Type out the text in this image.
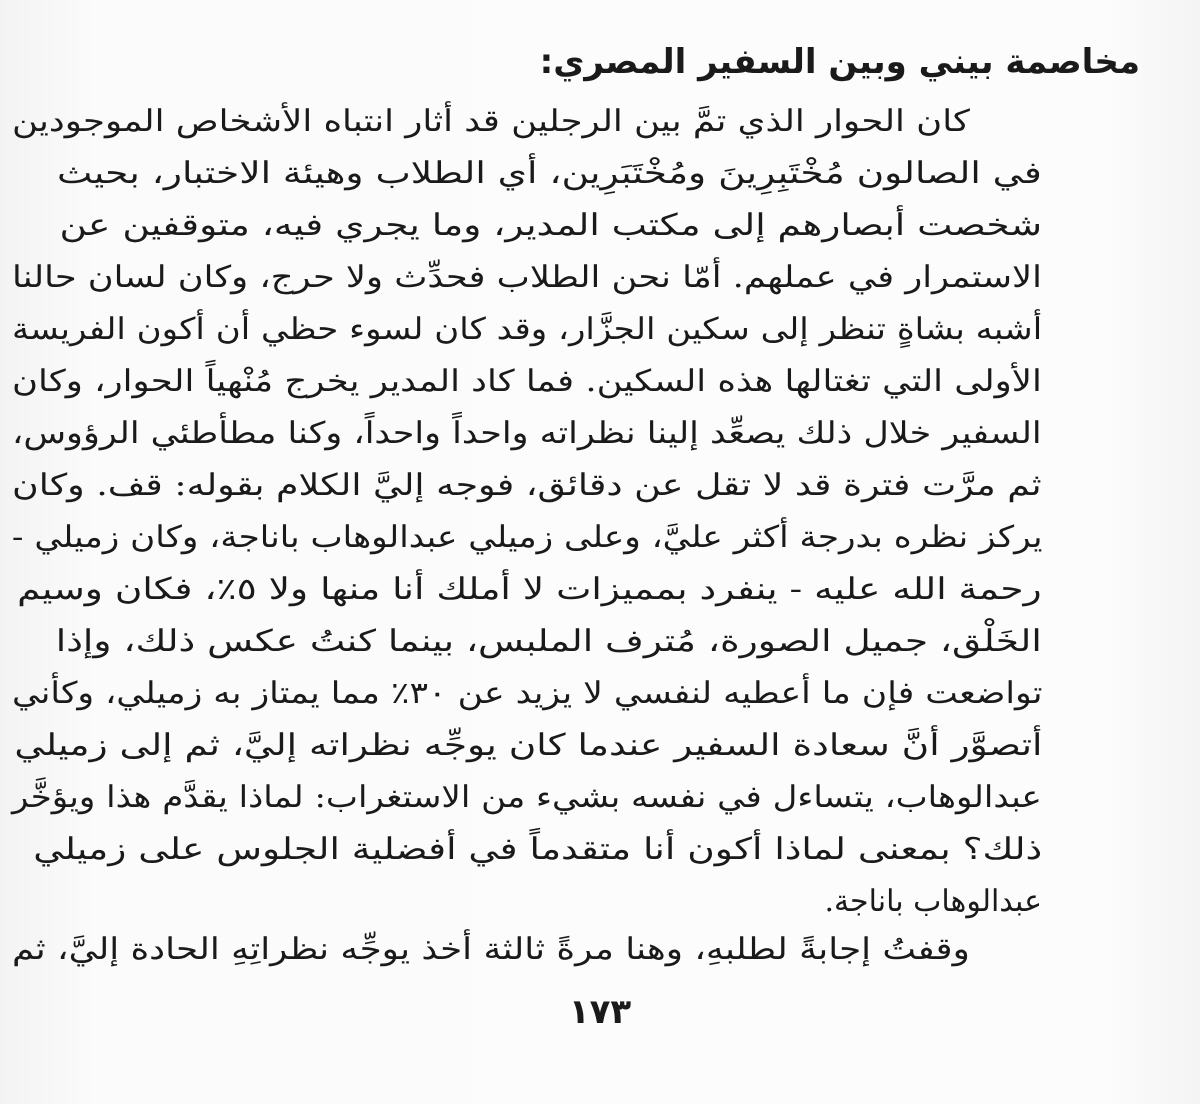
مخاصمة بيني وبين السفير المصري:
كان الحوار الذي تمَّ بين الرجلين قد أثار انتباه الأشخاص الموجودين
في الصالون مُخْتَبِرِينَ ومُخْتَبَرِين، أي الطلاب وهيئة الاختبار، بحيث
شخصت أبصارهم إلى مكتب المدير، وما يجري فيه، متوقفين عن
الاستمرار في عملهم. أمّا نحن الطلاب فحدِّث ولا حرج، وكان لسان حالنا
أشبه بشاةٍ تنظر إلى سكين الجزَّار، وقد كان لسوء حظي أن أكون الفريسة
الأولى التي تغتالها هذه السكين. فما كاد المدير يخرج مُنْهياً الحوار، وكان
السفير خلال ذلك يصعِّد إلينا نظراته واحداً واحداً، وكنا مطأطئي الرؤوس،
ثم مرَّت فترة قد لا تقل عن دقائق، فوجه إليَّ الكلام بقوله: قف. وكان
يركز نظره بدرجة أكثر عليَّ، وعلى زميلي عبدالوهاب باناجة، وكان زميلي -
رحمة الله عليه - ينفرد بمميزات لا أملك أنا منها ولا ٥٪، فكان وسيم
الخَلْق، جميل الصورة، مُترف الملبس، بينما كنتُ عكس ذلك، وإذا
تواضعت فإن ما أعطيه لنفسي لا يزيد عن ٣٠٪ مما يمتاز به زميلي، وكأني
أتصوَّر أنَّ سعادة السفير عندما كان يوجِّه نظراته إليَّ، ثم إلى زميلي
عبدالوهاب، يتساءل في نفسه بشيء من الاستغراب: لماذا يقدَّم هذا ويؤخَّر
ذلك؟ بمعنى لماذا أكون أنا متقدماً في أفضلية الجلوس على زميلي
عبدالوهاب باناجة.
وقفتُ إجابةً لطلبهِ، وهنا مرةً ثالثة أخذ يوجِّه نظراتِهِ الحادة إليَّ، ثم
١٧٣
